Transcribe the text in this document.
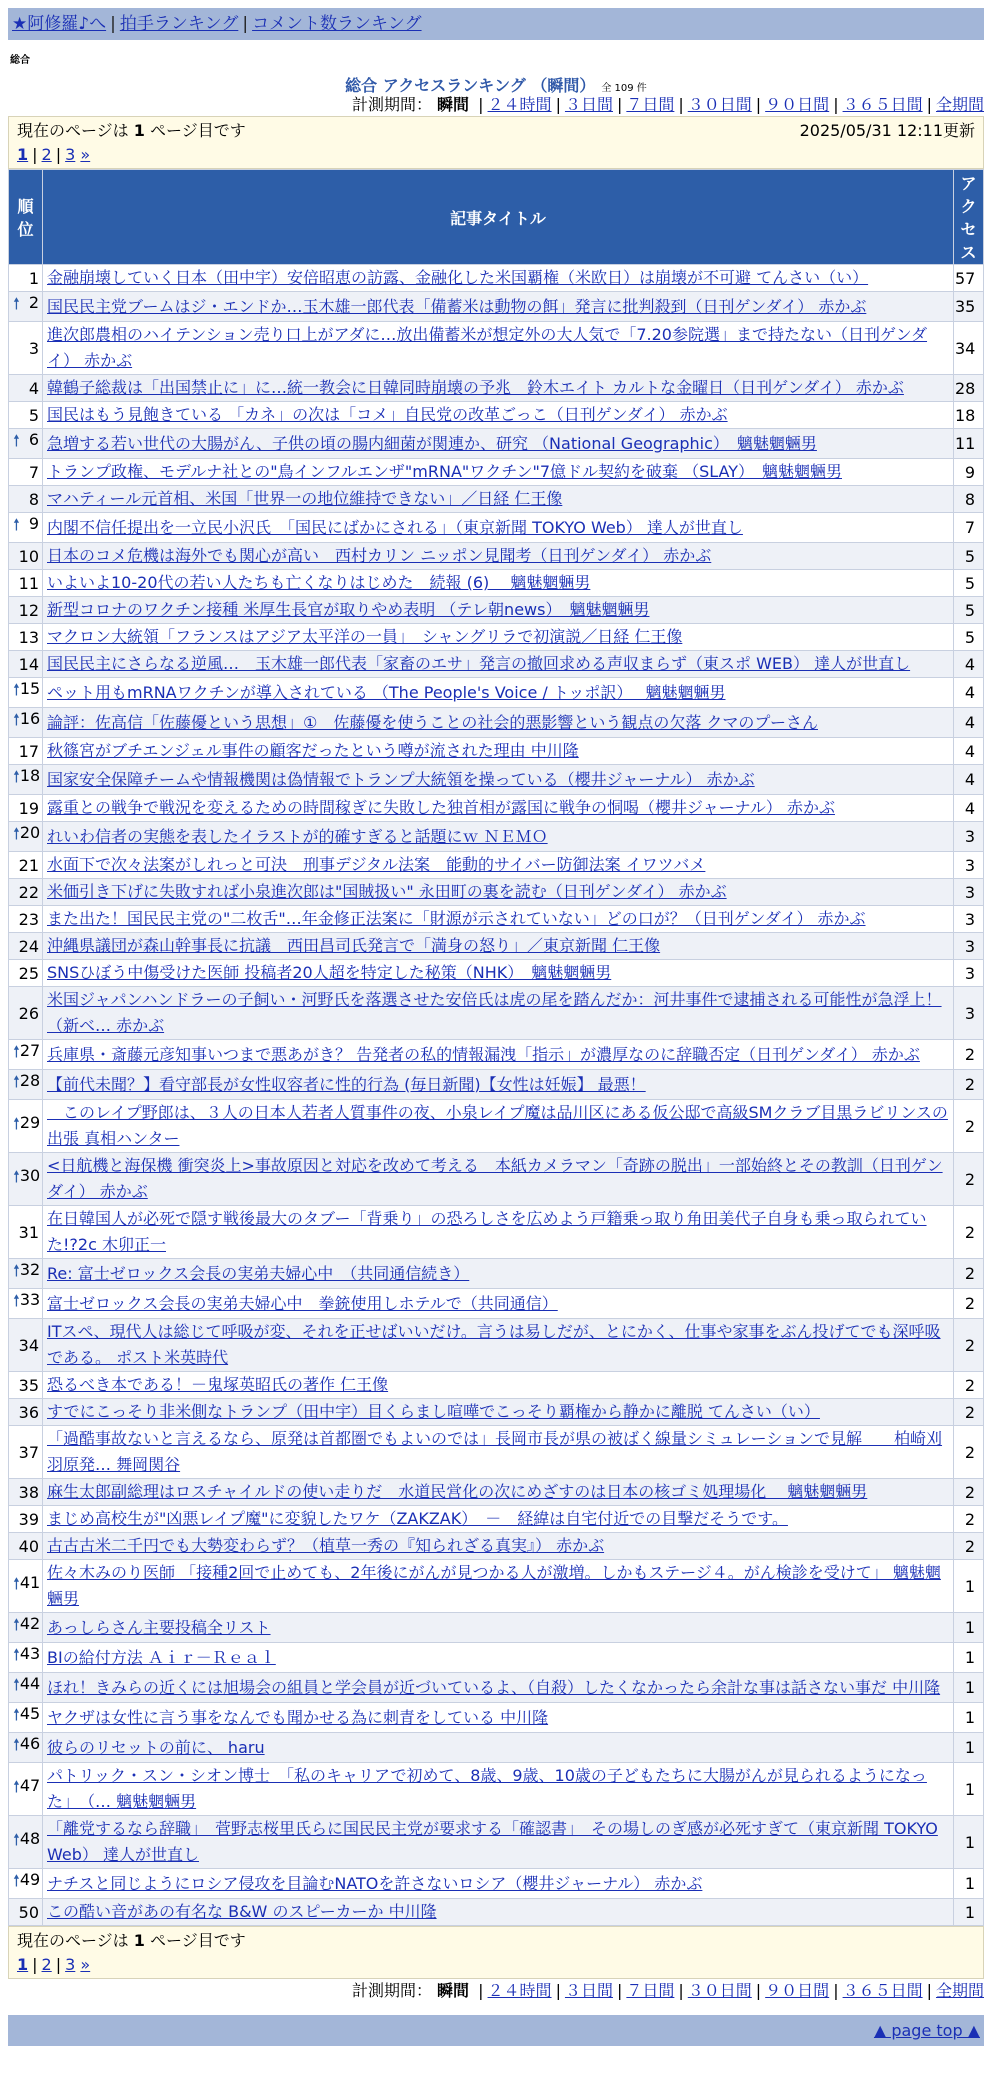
★阿修羅♪へ | 拍手ランキング | コメント数ランキング
総合
総合 アクセスランキング （瞬間） 全 109 件
計測期間： 瞬間 | ２４時間 | ３日間 | ７日間 | ３０日間 | ９０日間 | ３６５日間 | 全期間
現在のページは 1 ページ目です	2025/05/31 12:11更新
1 | 2 | 3 »
順位	記事タイトル	アクセス
1	金融崩壊していく日本（田中宇）安倍昭恵の訪露、金融化した米国覇権（米欧日）は崩壊が不可避 てんさい（い）	57

🠕 2	国民民主党ブームはジ・エンドか…玉木雄一郎代表「備蓄米は動物の餌」発言に批判殺到（日刊ゲンダイ） 赤かぶ	35
3	進次郎農相のハイテンション売り口上がアダに…放出備蓄米が想定外の大人気で「7.20参院選」まで持たない（日刊ゲンダイ） 赤かぶ	34
4	韓鶴子総裁は「出国禁止に」に…統一教会に日韓同時崩壊の予兆　鈴木エイト カルトな金曜日（日刊ゲンダイ） 赤かぶ	28
5	国民はもう見飽きている 「カネ」の次は「コメ」自民党の改革ごっこ（日刊ゲンダイ） 赤かぶ	18

🠕 6	急増する若い世代の大腸がん、子供の頃の腸内細菌が関連か、研究 （National Geographic）　魑魅魍魎男	11
7	トランプ政権、モデルナ社との"鳥インフルエンザ"mRNA"ワクチン"7億ドル契約を破棄 （SLAY）　魑魅魍魎男	9
8	マハティール元首相、米国「世界一の地位維持できない」／日経 仁王像	8

🠕 9	内閣不信任提出を一立民小沢氏　「国民にばかにされる」（東京新聞 TOKYO Web） 達人が世直し	7
10	日本のコメ危機は海外でも関心が高い　西村カリン ニッポン見聞考（日刊ゲンダイ） 赤かぶ	5
11	いよいよ10-20代の若い人たちも亡くなりはじめた　続報 (6)　 魑魅魍魎男	5
12	新型コロナのワクチン接種 米厚生長官が取りやめ表明 （テレ朝news）　魑魅魍魎男	5
13	マクロン大統領「フランスはアジア太平洋の一員」　シャングリラで初演説／日経 仁王像	5
14	国民民主にさらなる逆風…　玉木雄一郎代表「家畜のエサ」発言の撤回求める声収まらず（東スポ WEB） 達人が世直し	4

🠕 15	ペット用もmRNAワクチンが導入されている （The People's Voice / トッポ訳）　 魑魅魍魎男	4

🠕 16	論評：佐高信「佐藤優という思想」①　佐藤優を使うことの社会的悪影響という観点の欠落 クマのプーさん	4
17	秋篠宮がブチエンジェル事件の顧客だったという噂が流された理由 中川隆	4

🠕 18	国家安全保障チームや情報機関は偽情報でトランプ大統領を操っている（櫻井ジャーナル） 赤かぶ	4
19	露重との戦争で戦況を変えるための時間稼ぎに失敗した独首相が露国に戦争の恫喝（櫻井ジャーナル） 赤かぶ	4

🠕 20	れいわ信者の実態を表したイラストが的確すぎると話題にｗ ＮＥＭＯ	3
21	水面下で次々法案がしれっと可決　刑事デジタル法案　能動的サイバー防御法案 イワツバメ	3
22	米価引き下げに失敗すれば小泉進次郎は"国賊扱い" 永田町の裏を読む（日刊ゲンダイ） 赤かぶ	3
23	また出た！国民民主党の"二枚舌"…年金修正法案に「財源が示されていない」どの口が？（日刊ゲンダイ） 赤かぶ	3
24	沖縄県議団が森山幹事長に抗議　西田昌司氏発言で「満身の怒り」／東京新聞 仁王像	3
25	SNSひぼう中傷受けた医師 投稿者20人超を特定した秘策（NHK）　魑魅魍魎男	3
26	米国ジャパンハンドラーの子飼い・河野氏を落選させた安倍氏は虎の尾を踏んだか：河井事件で逮捕される可能性が急浮上！（新ベ… 赤かぶ	3

🠕 27	兵庫県・斎藤元彦知事いつまで悪あがき？ 告発者の私的情報漏洩「指示」が濃厚なのに辞職否定（日刊ゲンダイ） 赤かぶ	2

🠕 28	【前代未聞？】看守部長が女性収容者に性的行為 (毎日新聞)【女性は妊娠】 最悪！	2

🠕 29	　このレイプ野郎は、３人の日本人若者人質事件の夜、小泉レイプ魔は品川区にある仮公邸で高級SMクラブ目黒ラビリンスの出張 真相ハンター	2

🠕 30	<日航機と海保機 衝突炎上>事故原因と対応を改めて考える　本紙カメラマン「奇跡の脱出」一部始終とその教訓（日刊ゲンダイ） 赤かぶ	2
31	在日韓国人が必死で隠す戦後最大のタブー「背乗り」の恐ろしさを広めよう戸籍乗っ取り角田美代子自身も乗っ取られていた!?2c 木卯正一	2

🠕 32	Re: 富士ゼロックス会長の実弟夫婦心中　（共同通信続き）	2

🠕 33	富士ゼロックス会長の実弟夫婦心中　拳銃使用しホテルで（共同通信）	2
34	ITスペ、現代人は総じて呼吸が変、それを正せばいいだけ。言うは易しだが、とにかく、仕事や家事をぶん投げてでも深呼吸である。 ポスト米英時代	2
35	恐るべき本である！－鬼塚英昭氏の著作 仁王像	2
36	すでにこっそり非米側なトランプ（田中宇）目くらまし喧嘩でこっそり覇権から静かに離脱 てんさい（い）	2
37	「過酷事故ないと言えるなら、原発は首都圏でもよいのでは」長岡市長が県の被ばく線量シミュレーションで見解　　柏崎刈羽原発… 舞岡関谷	2
38	麻生太郎副総理はロスチャイルドの使い走りだ　水道民営化の次にめざすのは日本の核ゴミ処理場化　 魑魅魍魎男	2
39	まじめ高校生が"凶悪レイプ魔"に変貌したワケ（ZAKZAK）　－　経緯は自宅付近での目撃だそうです。	2
40	古古古米二千円でも大勢変わらず？（植草一秀の『知られざる真実』） 赤かぶ	2

🠕 41	佐々木みのり医師 「接種2回で止めても、2年後にがんが見つかる人が激増。しかもステージ４。がん検診を受けて」 魑魅魍魎男	1

🠕 42	あっしらさん主要投稿全リスト	1

🠕 43	BIの給付方法 Ａｉｒ－Ｒｅａｌ	1

🠕 44	ほれ！きみらの近くには旭場会の組員と学会員が近づいているよ、（自殺）したくなかったら余計な事は話さない事だ 中川隆	1

🠕 45	ヤクザは女性に言う事をなんでも聞かせる為に刺青をしている 中川隆	1

🠕 46	彼らのリセットの前に、 haru	1

🠕 47	パトリック・スン・シオン博士　「私のキャリアで初めて、8歳、9歳、10歳の子どもたちに大腸がんが見られるようになった」　（… 魑魅魍魎男	1

🠕 48	「離党するなら辞職」　菅野志桜里氏らに国民民主党が要求する「確認書」　その場しのぎ感が必死すぎて（東京新聞 TOKYO Web） 達人が世直し	1

🠕 49	ナチスと同じようにロシア侵攻を目論むNATOを許さないロシア（櫻井ジャーナル） 赤かぶ	1
50	この酷い音があの有名な B&W のスピーカーか 中川隆	1
現在のページは 1 ページ目です
1 | 2 | 3 »
計測期間： 瞬間 | ２４時間 | ３日間 | ７日間 | ３０日間 | ９０日間 | ３６５日間 | 全期間
▲ page top ▲
